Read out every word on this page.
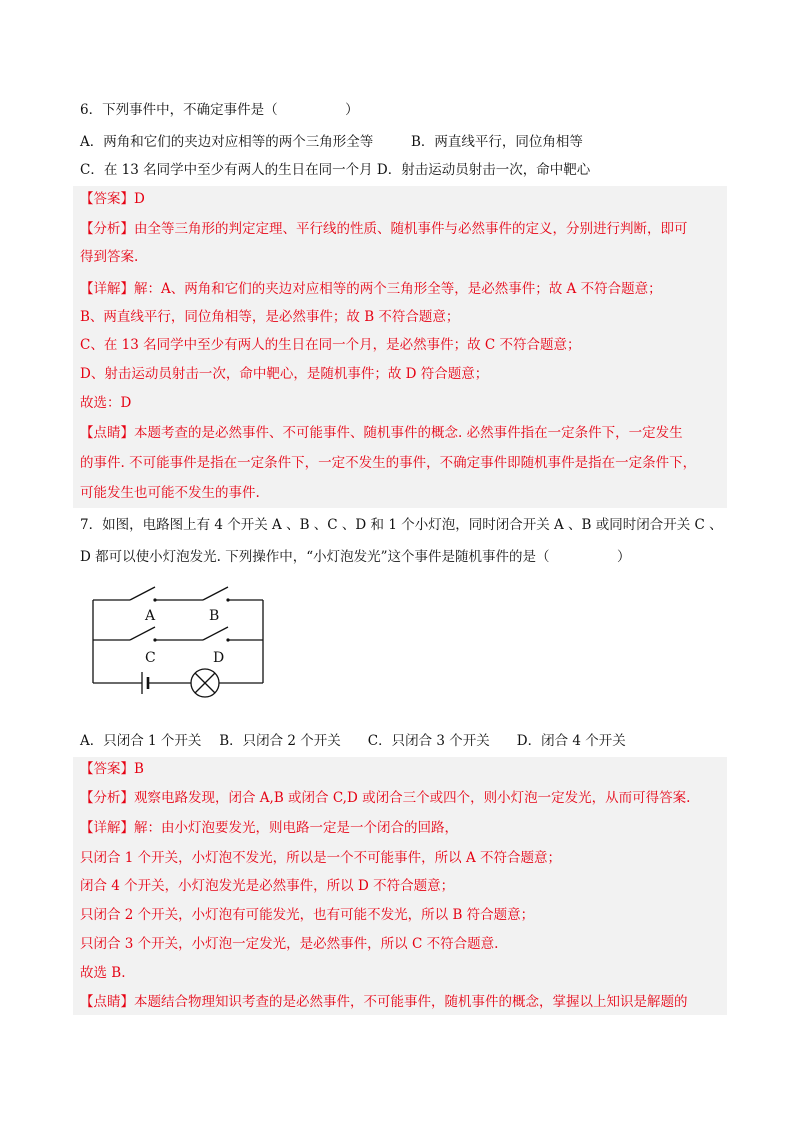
6．下列事件中，不确定事件是（　　　　　）
A．两角和它们的夹边对应相等的两个三角形全等	B．两直线平行，同位角相等
C．在 13 名同学中至少有两人的生日在同一个月 D．射击运动员射击一次，命中靶心
【答案】D
【分析】由全等三角形的判定定理、平行线的性质、随机事件与必然事件的定义，分别进行判断，即可
得到答案.
【详解】解：A、两角和它们的夹边对应相等的两个三角形全等，是必然事件；故 A 不符合题意；
B、两直线平行，同位角相等，是必然事件；故 B 不符合题意；
C、在 13 名同学中至少有两人的生日在同一个月，是必然事件；故 C 不符合题意；
D、射击运动员射击一次，命中靶心，是随机事件；故 D 符合题意；
故选：D
【点睛】本题考查的是必然事件、不可能事件、随机事件的概念. 必然事件指在一定条件下，一定发生
的事件. 不可能事件是指在一定条件下，一定不发生的事件，不确定事件即随机事件是指在一定条件下，
可能发生也可能不发生的事件.
7．如图，电路图上有 4 个开关 A 、B 、C 、D 和 1 个小灯泡，同时闭合开关 A 、B 或同时闭合开关 C 、
D 都可以使小灯泡发光. 下列操作中，“小灯泡发光”这个事件是随机事件的是（　　　　　）
A	B
C	D
A．只闭合 1 个开关　 B．只闭合 2 个开关　　C．只闭合 3 个开关　　D．闭合 4 个开关
【答案】B
【分析】观察电路发现，闭合 A,B 或闭合 C,D 或闭合三个或四个，则小灯泡一定发光，从而可得答案.
【详解】解：由小灯泡要发光，则电路一定是一个闭合的回路，
只闭合 1 个开关，小灯泡不发光，所以是一个不可能事件，所以 A 不符合题意；
闭合 4 个开关，小灯泡发光是必然事件，所以 D 不符合题意；
只闭合 2 个开关，小灯泡有可能发光，也有可能不发光，所以 B 符合题意；
只闭合 3 个开关，小灯泡一定发光，是必然事件，所以 C 不符合题意.
故选 B.
【点睛】本题结合物理知识考查的是必然事件，不可能事件，随机事件的概念，掌握以上知识是解题的
